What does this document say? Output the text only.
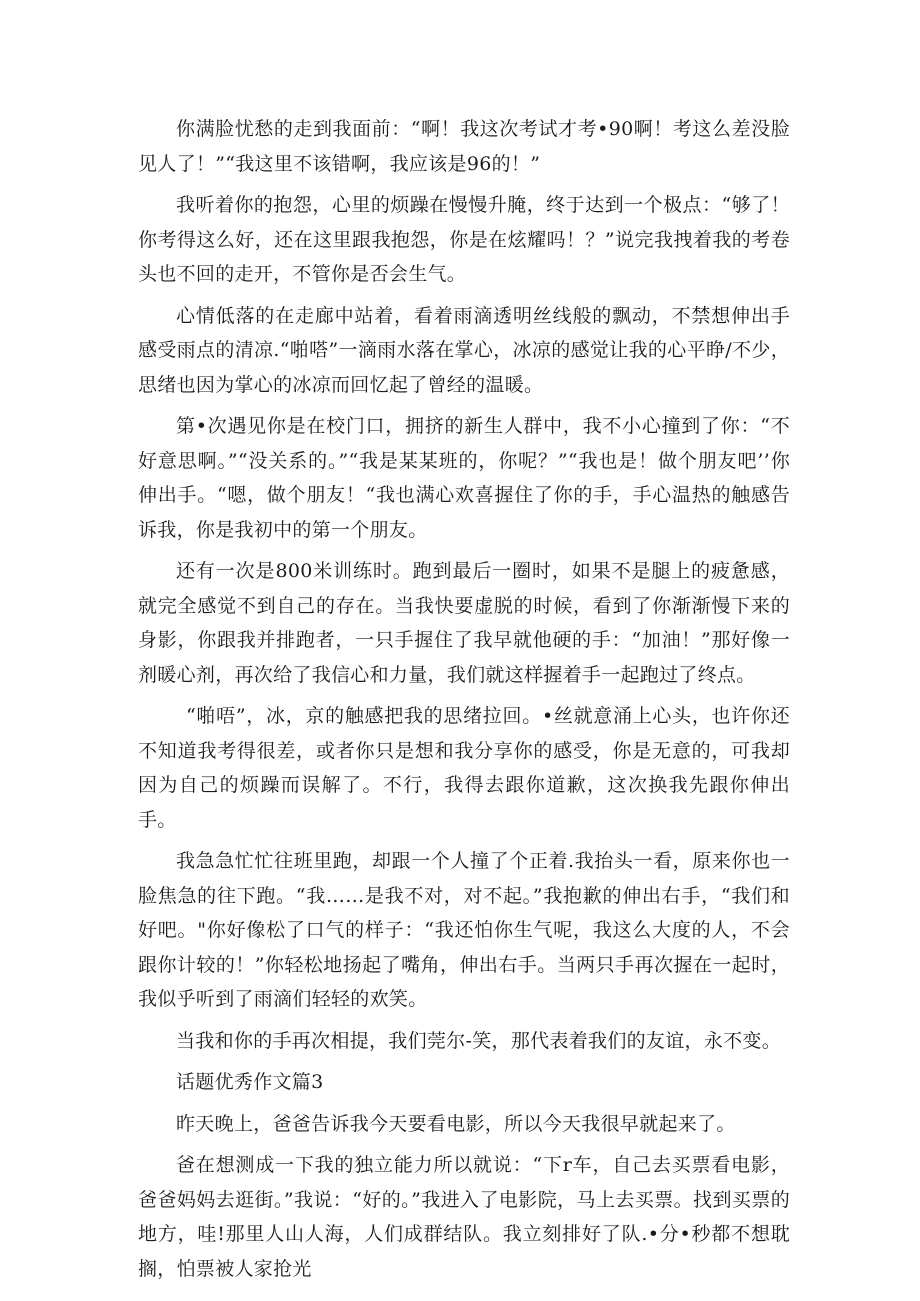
你满脸忧愁的走到我面前：“啊！我这次考试才考•90啊！考这么差没脸见人了！”“我这里不该错啊，我应该是96的！”

我听着你的抱怨，心里的烦躁在慢慢升腌，终于达到一个极点：“够了！你考得这么好，还在这里跟我抱怨，你是在炫耀吗！？”说完我拽着我的考卷头也不回的走开，不管你是否会生气。

心情低落的在走廊中站着，看着雨滴透明丝线般的飘动，不禁想伸出手感受雨点的清凉.“啪嗒”一滴雨水落在掌心，冰凉的感觉让我的心平睁/不少，思绪也因为掌心的冰凉而回忆起了曾经的温暖。

第•次遇见你是在校门口，拥挤的新生人群中，我不小心撞到了你：“不好意思啊。”“没关系的。”“我是某某班的，你呢？”“我也是！做个朋友吧’’你伸出手。“嗯，做个朋友！“我也满心欢喜握住了你的手，手心温热的触感告诉我，你是我初中的第一个朋友。

还有一次是800米训练时。跑到最后一圈时，如果不是腿上的疲惫感，就完全感觉不到自己的存在。当我快要虚脱的时候，看到了你渐渐慢下来的身影，你跟我并排跑者，一只手握住了我早就他硬的手：“加油！”那好像一剂暖心剂，再次给了我信心和力量，我们就这样握着手一起跑过了终点。

“啪唔”，冰，京的触感把我的思绪拉回。•丝就意涌上心头，也许你还不知道我考得很差，或者你只是想和我分享你的感受，你是无意的，可我却因为自己的烦躁而误解了。不行，我得去跟你道歉，这次换我先跟你伸出手。

我急急忙忙往班里跑，却跟一个人撞了个正着.我抬头一看，原来你也一脸焦急的往下跑。“我……是我不对，对不起。”我抱歉的伸出右手，“我们和好吧。"你好像松了口气的样子：“我还怕你生气呢，我这么大度的人，不会跟你计较的！”你轻松地扬起了嘴角，伸出右手。当两只手再次握在一起时，我似乎听到了雨滴们轻轻的欢笑。

当我和你的手再次相提，我们莞尔-笑，那代表着我们的友谊，永不变。

话题优秀作文篇3

昨天晚上，爸爸告诉我今天要看电影，所以今天我很早就起来了。

爸在想测成一下我的独立能力所以就说：“下r车，自己去买票看电影，爸爸妈妈去逛街。”我说：“好的。”我进入了电影院，马上去买票。找到买票的地方，哇!那里人山人海，人们成群结队。我立刻排好了队.•分•秒都不想耽搁，怕票被人家抢光
